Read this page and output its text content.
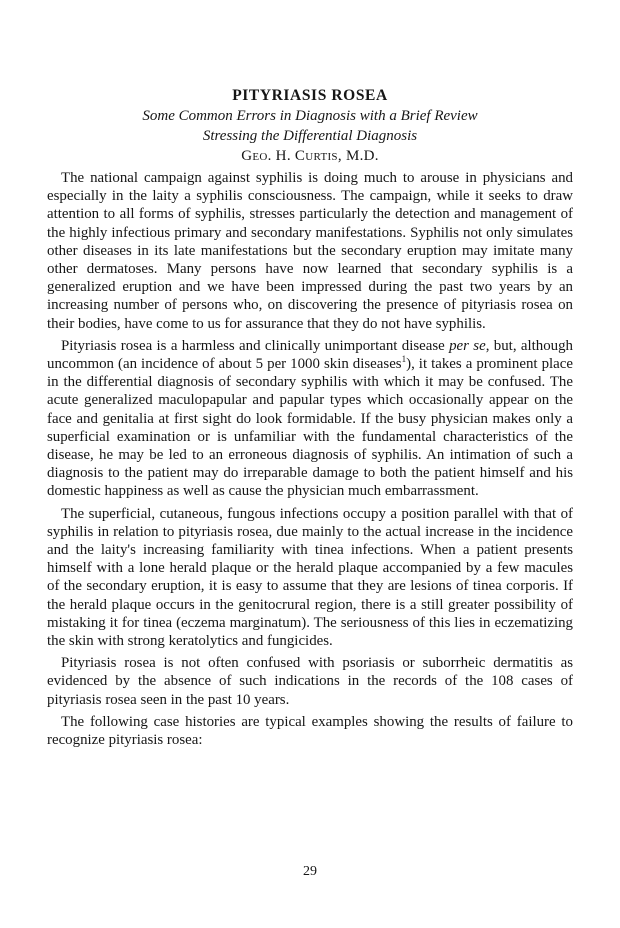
PITYRIASIS ROSEA
Some Common Errors in Diagnosis with a Brief Review
Stressing the Differential Diagnosis
Geo. H. Curtis, M.D.

The national campaign against syphilis is doing much to arouse in physicians and especially in the laity a syphilis consciousness. The campaign, while it seeks to draw attention to all forms of syphilis, stresses particularly the detection and management of the highly infectious primary and secondary manifestations. Syphilis not only simulates other diseases in its late manifestations but the secondary eruption may imitate many other dermatoses. Many persons have now learned that secondary syphilis is a generalized eruption and we have been impressed during the past two years by an increasing number of persons who, on discovering the presence of pityriasis rosea on their bodies, have come to us for assurance that they do not have syphilis.

Pityriasis rosea is a harmless and clinically unimportant disease per se, but, although uncommon (an incidence of about 5 per 1000 skin diseases$^1$), it takes a prominent place in the differential diagnosis of secondary syphilis with which it may be confused. The acute generalized maculopapular and papular types which occasionally appear on the face and genitalia at first sight do look formidable. If the busy physician makes only a superficial examination or is unfamiliar with the fundamental characteristics of the disease, he may be led to an erroneous diagnosis of syphilis. An intimation of such a diagnosis to the patient may do irreparable damage to both the patient himself and his domestic happiness as well as cause the physician much embarrassment.

The superficial, cutaneous, fungous infections occupy a position parallel with that of syphilis in relation to pityriasis rosea, due mainly to the actual increase in the incidence and the laity's increasing familiarity with tinea infections. When a patient presents himself with a lone herald plaque or the herald plaque accompanied by a few macules of the secondary eruption, it is easy to assume that they are lesions of tinea corporis. If the herald plaque occurs in the genitocrural region, there is a still greater possibility of mistaking it for tinea (eczema marginatum). The seriousness of this lies in eczematizing the skin with strong keratolytics and fungicides.

Pityriasis rosea is not often confused with psoriasis or suborrheic dermatitis as evidenced by the absence of such indications in the records of the 108 cases of pityriasis rosea seen in the past 10 years.

The following case histories are typical examples showing the results of failure to recognize pityriasis rosea:

29
